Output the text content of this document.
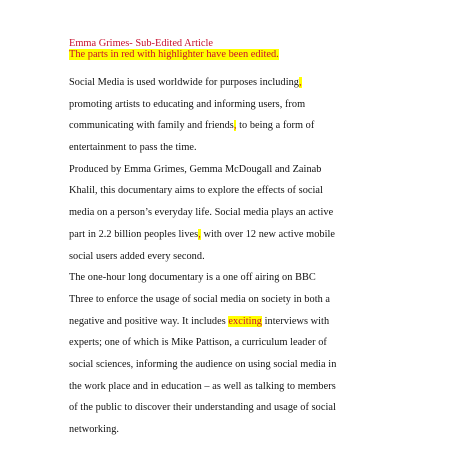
Emma Grimes- Sub-Edited Article
The parts in red with highlighter have been edited.
Social Media is used worldwide for purposes including,
promoting artists to educating and informing users, from
communicating with family and friends, to being a form of
entertainment to pass the time.
Produced by Emma Grimes, Gemma McDougall and Zainab
Khalil, this documentary aims to explore the effects of social
media on a person’s everyday life. Social media plays an active
part in 2.2 billion peoples lives, with over 12 new active mobile
social users added every second.
The one-hour long documentary is a one off airing on BBC
Three to enforce the usage of social media on society in both a
negative and positive way. It includes exciting interviews with
experts; one of which is Mike Pattison, a curriculum leader of
social sciences, informing the audience on using social media in
the work place and in education – as well as talking to members
of the public to discover their understanding and usage of social
networking.
